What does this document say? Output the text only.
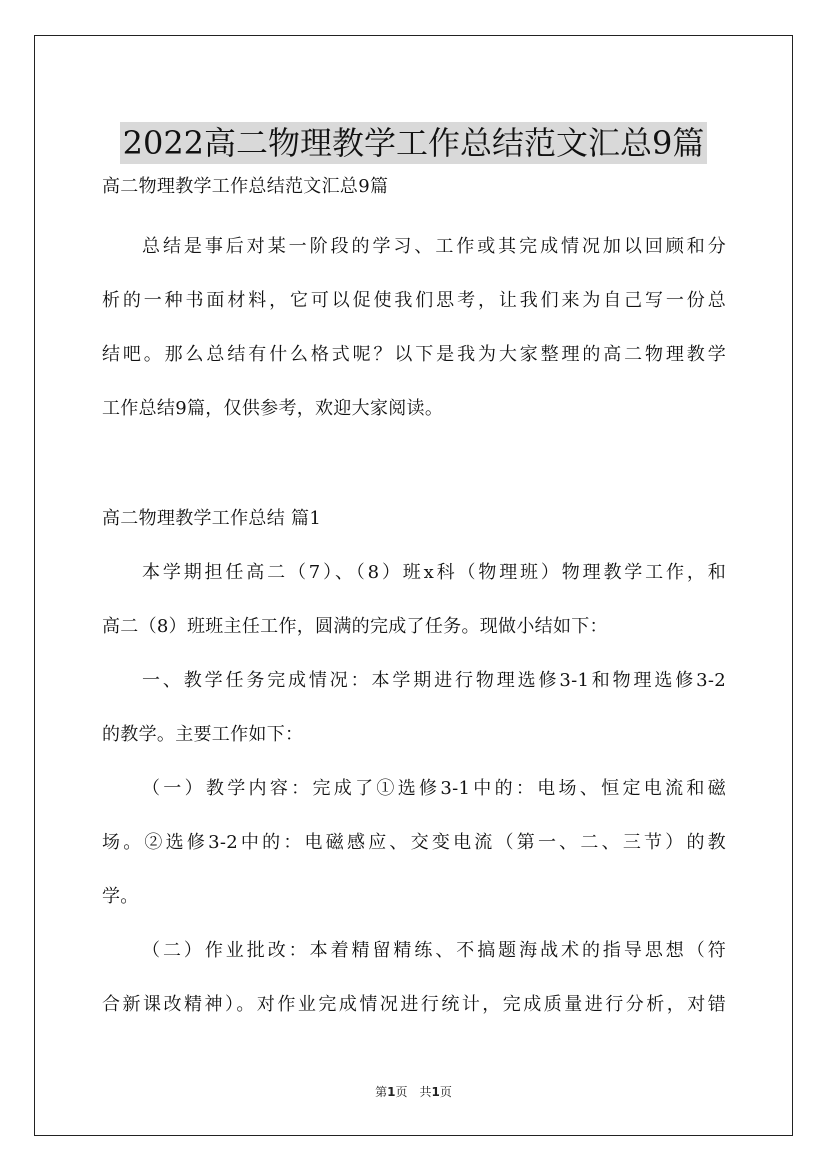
2022高二物理教学工作总结范文汇总9篇
高二物理教学工作总结范文汇总9篇
总结是事后对某一阶段的学习、工作或其完成情况加以回顾和分
析的一种书面材料，它可以促使我们思考，让我们来为自己写一份总
结吧。那么总结有什么格式呢？以下是我为大家整理的高二物理教学
工作总结9篇，仅供参考，欢迎大家阅读。
高二物理教学工作总结 篇1
本学期担任高二（7）、（8）班x科（物理班）物理教学工作，和
高二（8）班班主任工作，圆满的完成了任务。现做小结如下：
一、教学任务完成情况：本学期进行物理选修3-1和物理选修3-2
的教学。主要工作如下：
（一）教学内容：完成了①选修3-1中的：电场、恒定电流和磁
场。②选修3-2中的：电磁感应、交变电流（第一、二、三节）的教
学。
（二）作业批改：本着精留精练、不搞题海战术的指导思想（符
合新课改精神）。对作业完成情况进行统计，完成质量进行分析，对错
第1页　共1页
